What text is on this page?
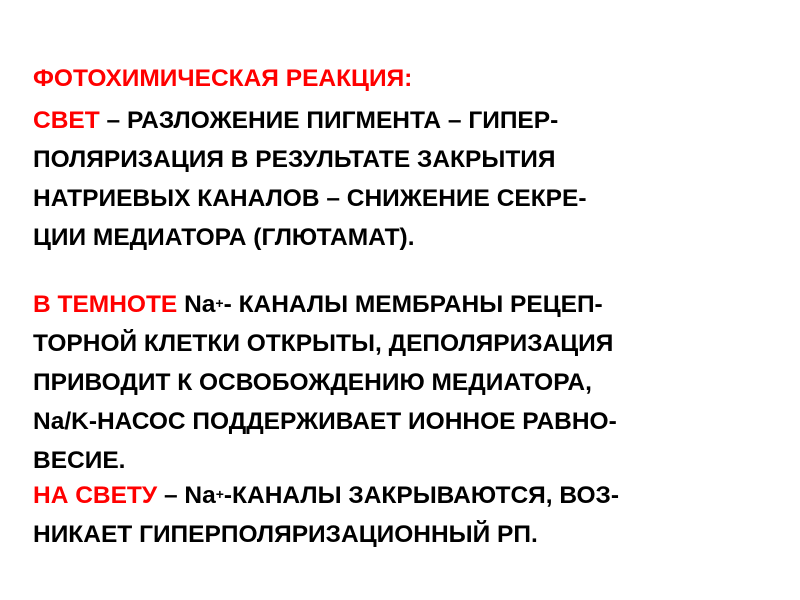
ФОТОХИМИЧЕСКАЯ РЕАКЦИЯ:
СВЕТ – РАЗЛОЖЕНИЕ ПИГМЕНТА – ГИПЕР-
ПОЛЯРИЗАЦИЯ В РЕЗУЛЬТАТЕ ЗАКРЫТИЯ
НАТРИЕВЫХ КАНАЛОВ – СНИЖЕНИЕ СЕКРЕ-
ЦИИ МЕДИАТОРА (ГЛЮТАМАТ).
В ТЕМНОТЕ Na+- КАНАЛЫ МЕМБРАНЫ РЕЦЕП-
ТОРНОЙ КЛЕТКИ ОТКРЫТЫ, ДЕПОЛЯРИЗАЦИЯ
ПРИВОДИТ К ОСВОБОЖДЕНИЮ МЕДИАТОРА,
Na/K-НАСОС ПОДДЕРЖИВАЕТ ИОННОЕ РАВНО-
ВЕСИЕ.
НА СВЕТУ – Na+-КАНАЛЫ ЗАКРЫВАЮТСЯ, ВОЗ-
НИКАЕТ ГИПЕРПОЛЯРИЗАЦИОННЫЙ РП.
